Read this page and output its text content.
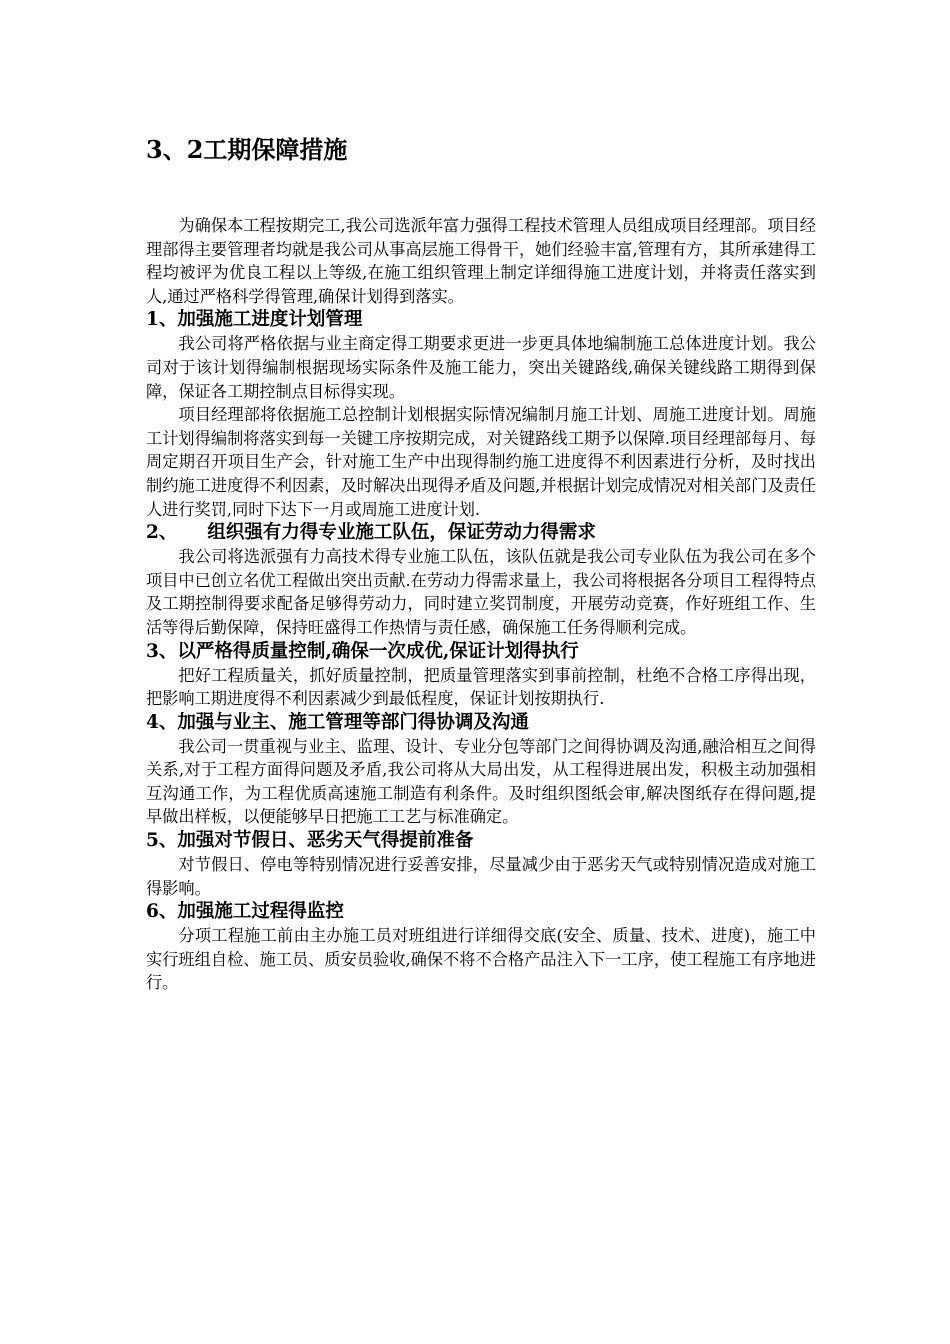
3、2工期保障措施

为确保本工程按期完工,我公司选派年富力强得工程技术管理人员组成项目经理部。项目经理部得主要管理者均就是我公司从事高层施工得骨干，她们经验丰富,管理有方，其所承建得工程均被评为优良工程以上等级,在施工组织管理上制定详细得施工进度计划，并将责任落实到人,通过严格科学得管理,确保计划得到落实。

1、加强施工进度计划管理

我公司将严格依据与业主商定得工期要求更进一步更具体地编制施工总体进度计划。我公司对于该计划得编制根据现场实际条件及施工能力，突出关键路线,确保关键线路工期得到保障，保证各工期控制点目标得实现。

项目经理部将依据施工总控制计划根据实际情况编制月施工计划、周施工进度计划。周施工计划得编制将落实到每一关键工序按期完成，对关键路线工期予以保障.项目经理部每月、每周定期召开项目生产会，针对施工生产中出现得制约施工进度得不利因素进行分析，及时找出制约施工进度得不利因素，及时解决出现得矛盾及问题,并根据计划完成情况对相关部门及责任人进行奖罚,同时下达下一月或周施工进度计划.

2、 组织强有力得专业施工队伍，保证劳动力得需求

我公司将选派强有力高技术得专业施工队伍，该队伍就是我公司专业队伍为我公司在多个项目中已创立名优工程做出突出贡献.在劳动力得需求量上，我公司将根据各分项目工程得特点及工期控制得要求配备足够得劳动力，同时建立奖罚制度，开展劳动竞赛，作好班组工作、生活等得后勤保障，保持旺盛得工作热情与责任感，确保施工任务得顺利完成。

3、以严格得质量控制,确保一次成优,保证计划得执行

把好工程质量关，抓好质量控制，把质量管理落实到事前控制，杜绝不合格工序得出现，把影响工期进度得不利因素减少到最低程度，保证计划按期执行.

4、加强与业主、施工管理等部门得协调及沟通

我公司一贯重视与业主、监理、设计、专业分包等部门之间得协调及沟通,融洽相互之间得关系,对于工程方面得问题及矛盾,我公司将从大局出发，从工程得进展出发，积极主动加强相互沟通工作，为工程优质高速施工制造有利条件。及时组织图纸会审,解决图纸存在得问题,提早做出样板，以便能够早日把施工工艺与标准确定。

5、加强对节假日、恶劣天气得提前准备

对节假日、停电等特别情况进行妥善安排，尽量减少由于恶劣天气或特别情况造成对施工得影响。

6、加强施工过程得监控

分项工程施工前由主办施工员对班组进行详细得交底(安全、质量、技术、进度)，施工中实行班组自检、施工员、质安员验收,确保不将不合格产品注入下一工序，使工程施工有序地进行。
